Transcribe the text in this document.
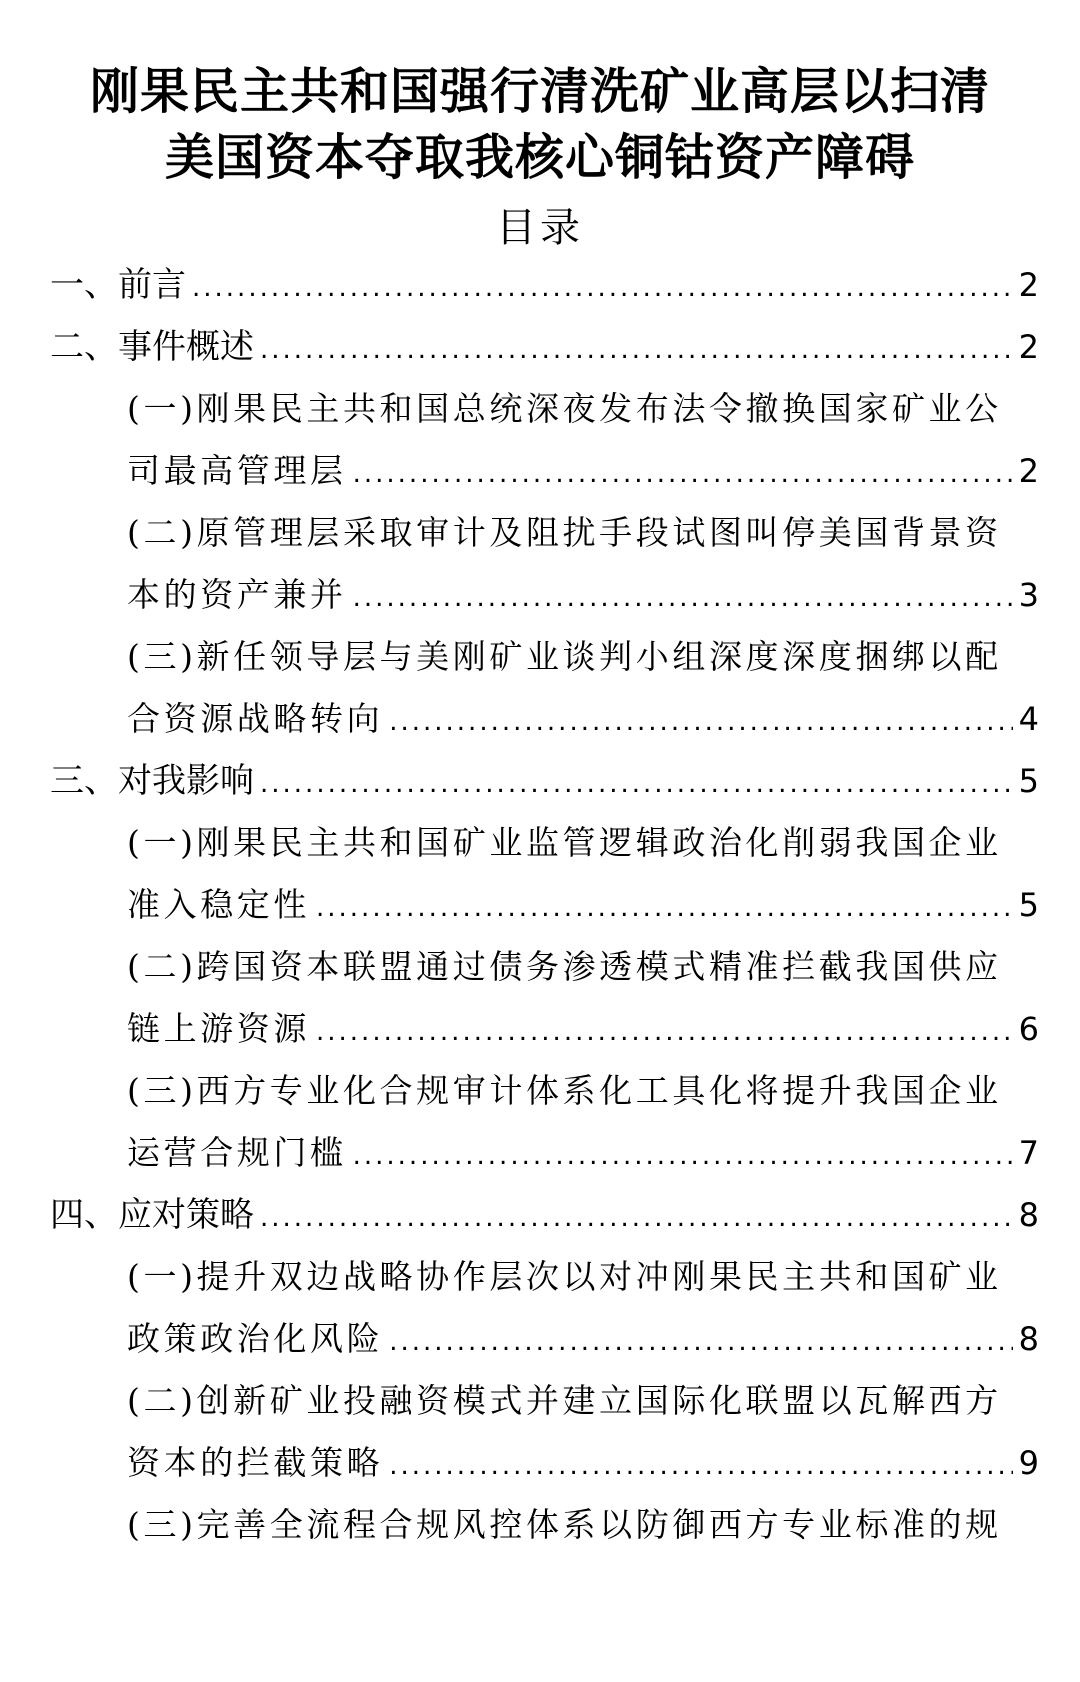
刚果民主共和国强行清洗矿业高层以扫清
美国资本夺取我核心铜钴资产障碍
目录
一、 前言 .....	2
二、 事件概述 .....	2
(一)刚果民主共和国总统深夜发布法令撤换国家矿业公
司最高管理层 .....	2
(二)原管理层采取审计及阻扰手段试图叫停美国背景资
本的资产兼并 .....	3
(三)新任领导层与美刚矿业谈判小组深度深度捆绑以配
合资源战略转向 .....	4
三、 对我影响 .....	5
(一)刚果民主共和国矿业监管逻辑政治化削弱我国企业
准入稳定性 .....	5
(二)跨国资本联盟通过债务渗透模式精准拦截我国供应
链上游资源 .....	6
(三)西方专业化合规审计体系化工具化将提升我国企业
运营合规门槛 .....	7
四、 应对策略 .....	8
(一)提升双边战略协作层次以对冲刚果民主共和国矿业
政策政治化风险 .....	8
(二)创新矿业投融资模式并建立国际化联盟以瓦解西方
资本的拦截策略 .....	9
(三)完善全流程合规风控体系以防御西方专业标准的规
